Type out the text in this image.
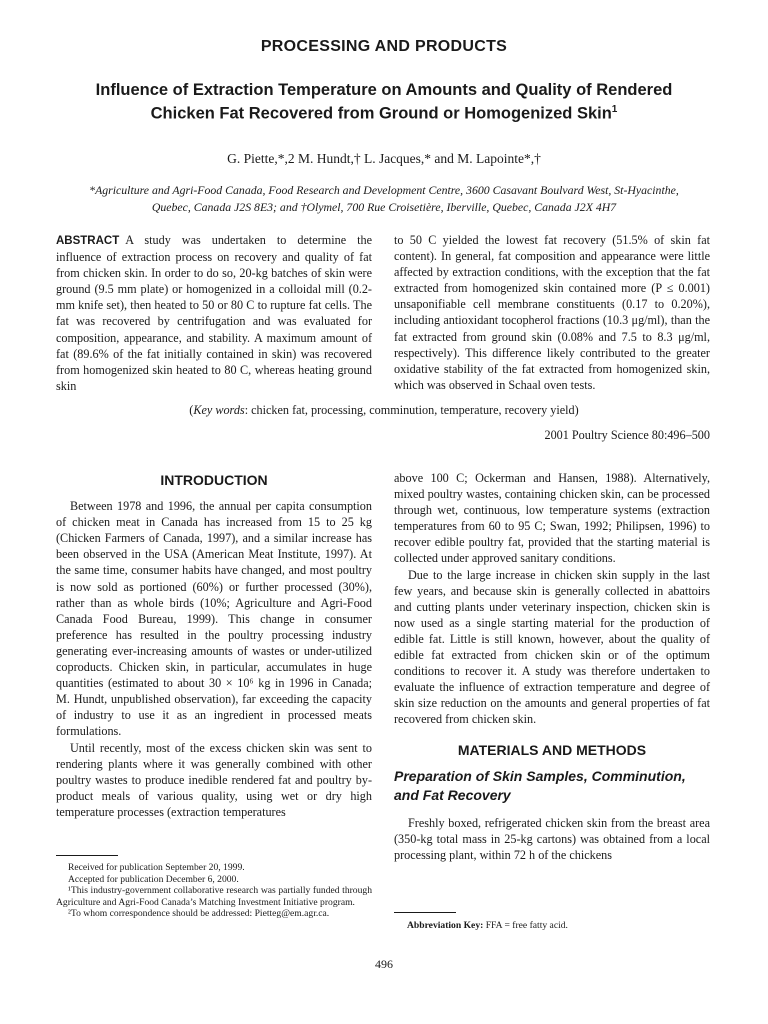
PROCESSING AND PRODUCTS
Influence of Extraction Temperature on Amounts and Quality of Rendered
Chicken Fat Recovered from Ground or Homogenized Skin$^1$
G. Piette,*,2 M. Hundt,† L. Jacques,* and M. Lapointe*,†
*Agriculture and Agri-Food Canada, Food Research and Development Centre, 3600 Casavant Boulvard West, St-Hyacinthe,
Quebec, Canada J2S 8E3; and †Olymel, 700 Rue Croisetière, Iberville, Quebec, Canada J2X 4H7
ABSTRACT A study was undertaken to determine the influence of extraction process on recovery and quality of fat from chicken skin. In order to do so, 20-kg batches of skin were ground (9.5 mm plate) or homogenized in a colloidal mill (0.2-mm knife set), then heated to 50 or 80 C to rupture fat cells. The fat was recovered by centrifugation and was evaluated for composition, appearance, and stability. A maximum amount of fat (89.6% of the fat initially contained in skin) was recovered from homogenized skin heated to 80 C, whereas heating ground skin
to 50 C yielded the lowest fat recovery (51.5% of skin fat content). In general, fat composition and appearance were little affected by extraction conditions, with the exception that the fat extracted from homogenized skin contained more (P ≤ 0.001) unsaponifiable cell membrane constituents (0.17 to 0.20%), including antioxidant tocopherol fractions (10.3 μg/ml), than the fat extracted from ground skin (0.08% and 7.5 to 8.3 μg/ml, respectively). This difference likely contributed to the greater oxidative stability of the fat extracted from homogenized skin, which was observed in Schaal oven tests.
(Key words: chicken fat, processing, comminution, temperature, recovery yield)
2001 Poultry Science 80:496–500
INTRODUCTION

Between 1978 and 1996, the annual per capita consumption of chicken meat in Canada has increased from 15 to 25 kg (Chicken Farmers of Canada, 1997), and a similar increase has been observed in the USA (American Meat Institute, 1997). At the same time, consumer habits have changed, and most poultry is now sold as portioned (60%) or further processed (30%), rather than as whole birds (10%; Agriculture and Agri-Food Canada Food Bureau, 1999). This change in consumer preference has resulted in the poultry processing industry generating ever-increasing amounts of wastes or under-utilized coproducts. Chicken skin, in particular, accumulates in huge quantities (estimated to about 30 × 10⁶ kg in 1996 in Canada; M. Hundt, unpublished observation), far exceeding the capacity of industry to use it as an ingredient in processed meats formulations.

Until recently, most of the excess chicken skin was sent to rendering plants where it was generally combined with other poultry wastes to produce inedible rendered fat and poultry by-product meals of various quality, using wet or dry high temperature processes (extraction temperatures

above 100 C; Ockerman and Hansen, 1988). Alternatively, mixed poultry wastes, containing chicken skin, can be processed through wet, continuous, low temperature systems (extraction temperatures from 60 to 95 C; Swan, 1992; Philipsen, 1996) to recover edible poultry fat, provided that the starting material is collected under approved sanitary conditions.

Due to the large increase in chicken skin supply in the last few years, and because skin is generally collected in abattoirs and cutting plants under veterinary inspection, chicken skin is now used as a single starting material for the production of edible fat. Little is still known, however, about the quality of edible fat extracted from chicken skin or of the optimum conditions to recover it. A study was therefore undertaken to evaluate the influence of extraction temperature and degree of skin size reduction on the amounts and general properties of fat recovered from chicken skin.

MATERIALS AND METHODS
Preparation of Skin Samples, Comminution, and Fat Recovery

Freshly boxed, refrigerated chicken skin from the breast area (350-kg total mass in 25-kg cartons) was obtained from a local processing plant, within 72 h of the chickens

Received for publication September 20, 1999.
Accepted for publication December 6, 2000.
¹This industry-government collaborative research was partially funded through Agriculture and Agri-Food Canada’s Matching Investment Initiative program.
²To whom correspondence should be addressed: Pietteg@em.agr.ca.
Abbreviation Key: FFA = free fatty acid.
496
